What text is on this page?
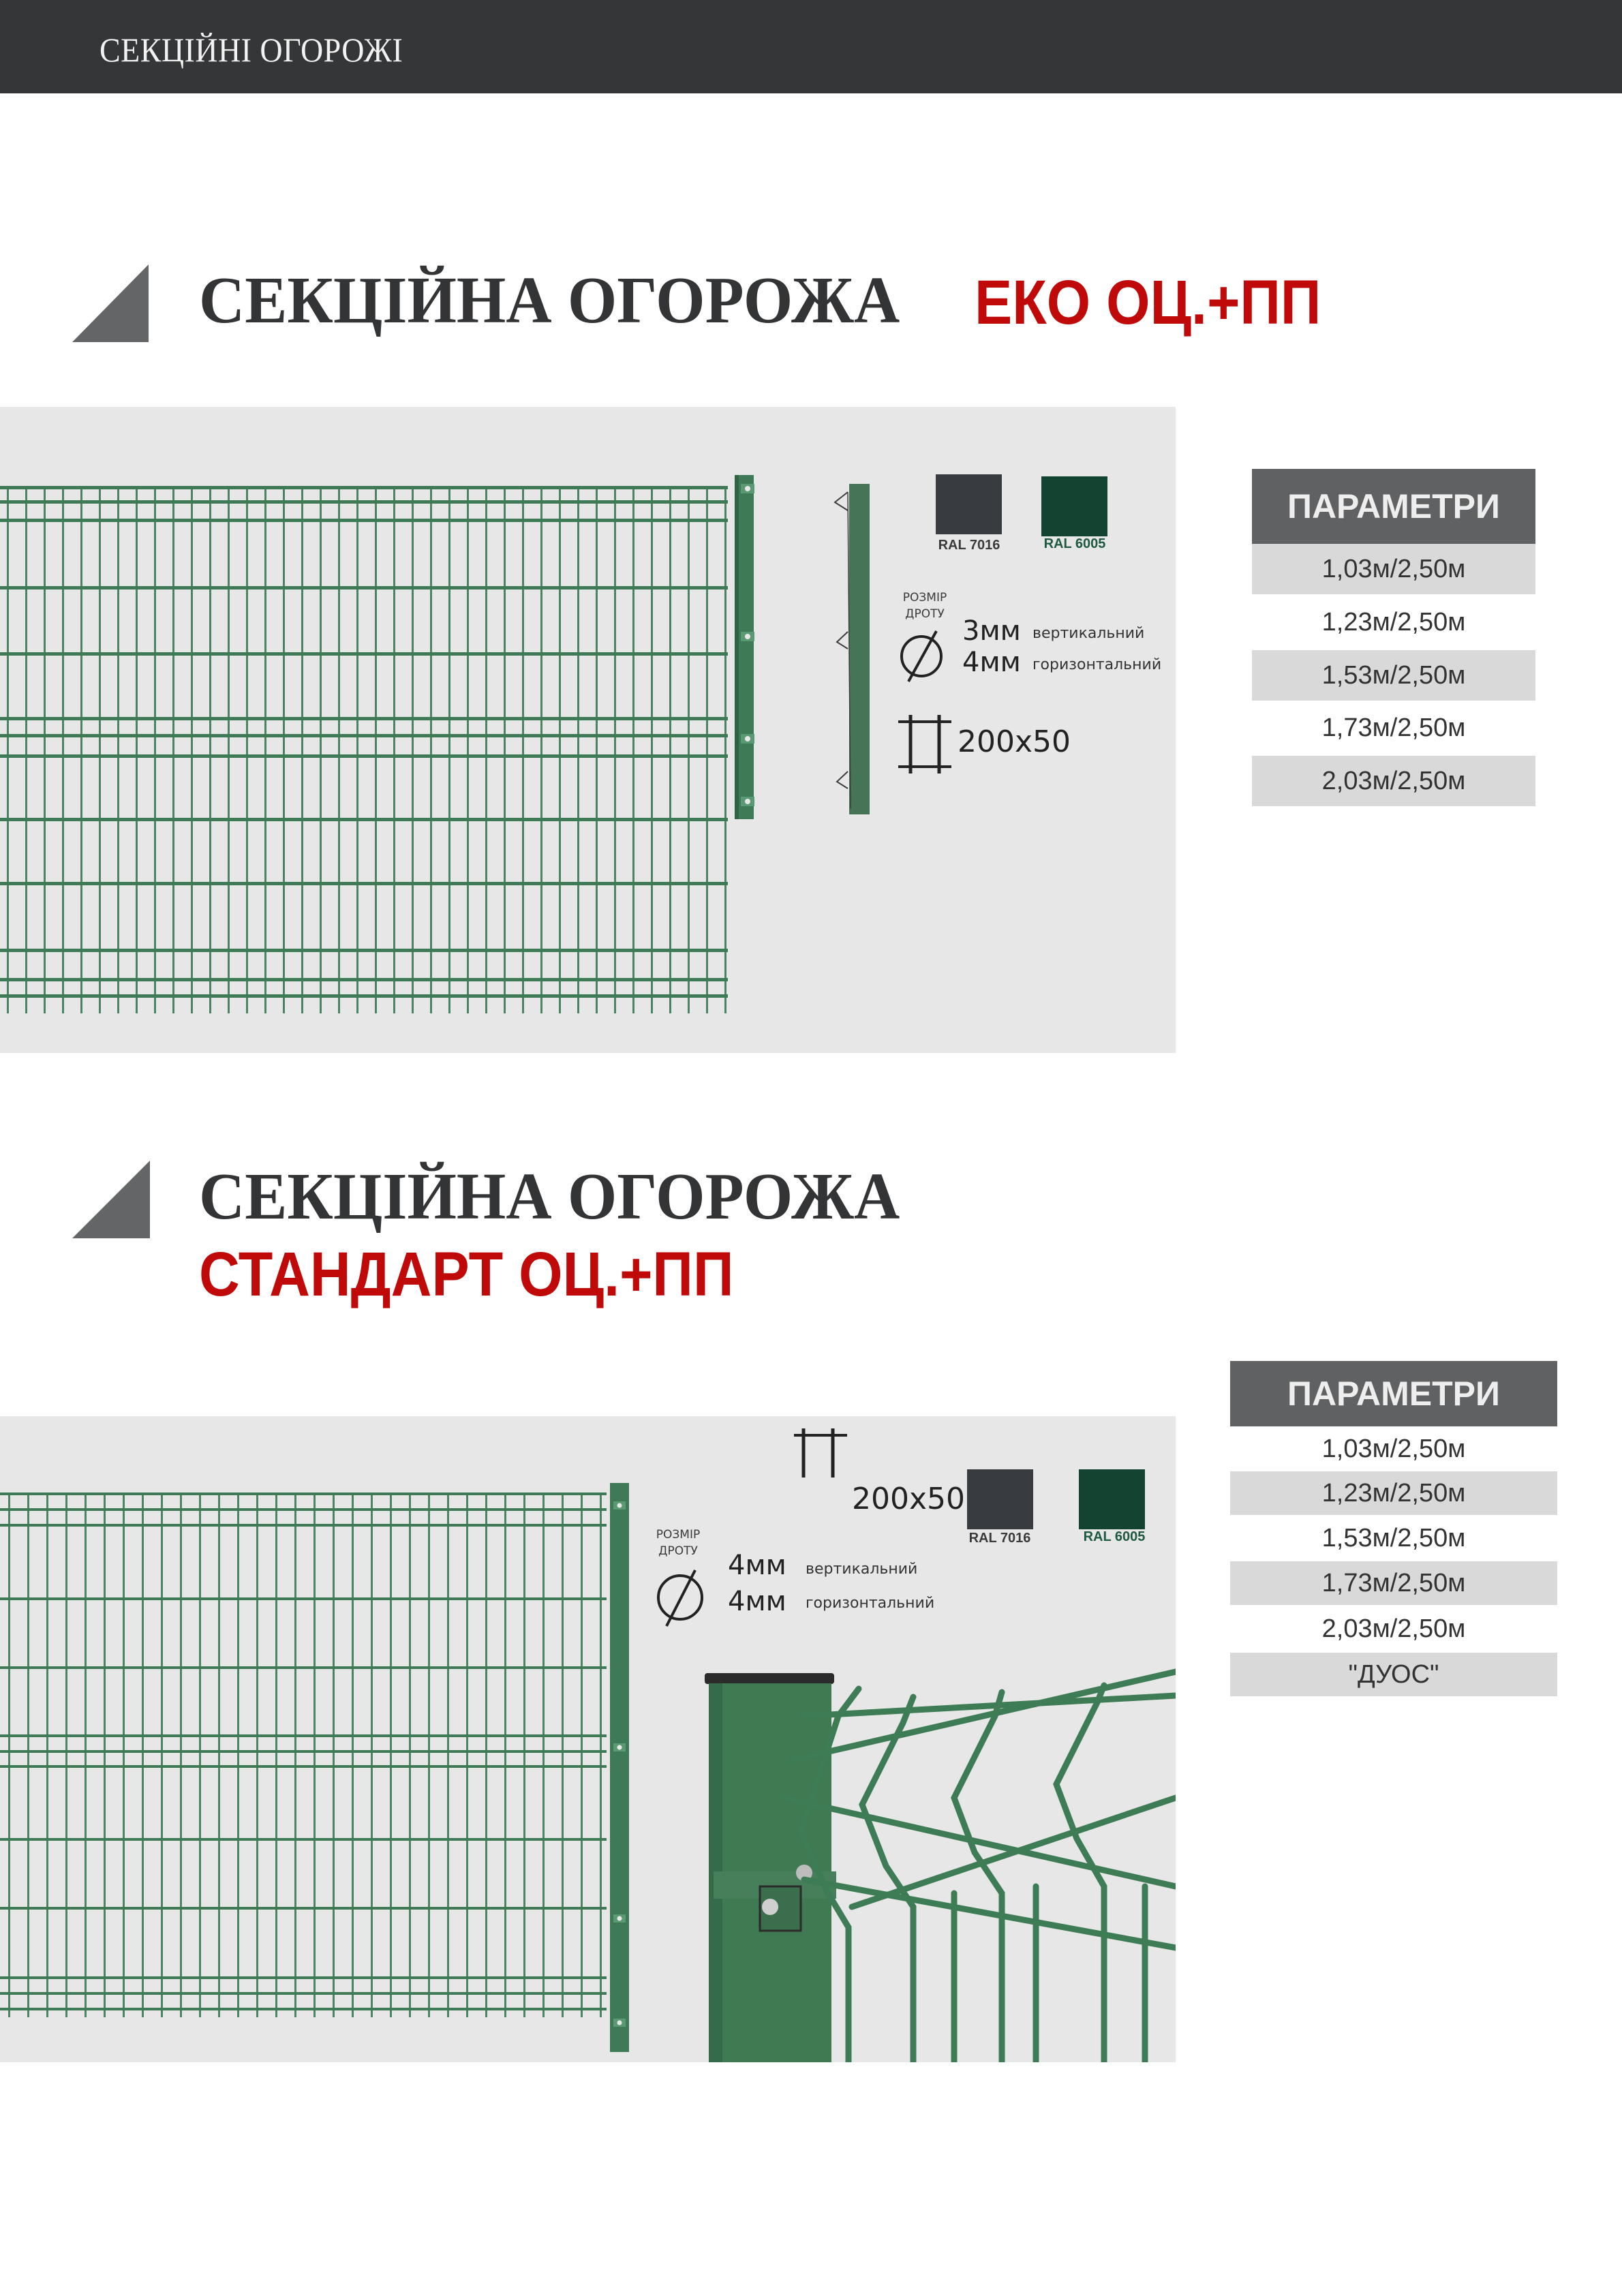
СЕКЦІЙНІ ОГОРОЖІ
СЕКЦІЙНА ОГОРОЖА ЕКО ОЦ.+ПП
RAL 7016	RAL 6005
РОЗМІР
ДРОТУ
3мм вертикальний
4мм горизонтальний
200x50
ПАРАМЕТРИ
1,03м/2,50м
1,23м/2,50м
1,53м/2,50м
1,73м/2,50м
2,03м/2,50м
СЕКЦІЙНА ОГОРОЖА
СТАНДАРТ ОЦ.+ПП
200x50
RAL 7016	RAL 6005
РОЗМІР
ДРОТУ	4мм вертикальний
4мм горизонтальний
ПАРАМЕТРИ
1,03м/2,50м
1,23м/2,50м
1,53м/2,50м
1,73м/2,50м
2,03м/2,50м
"ДУОС"
